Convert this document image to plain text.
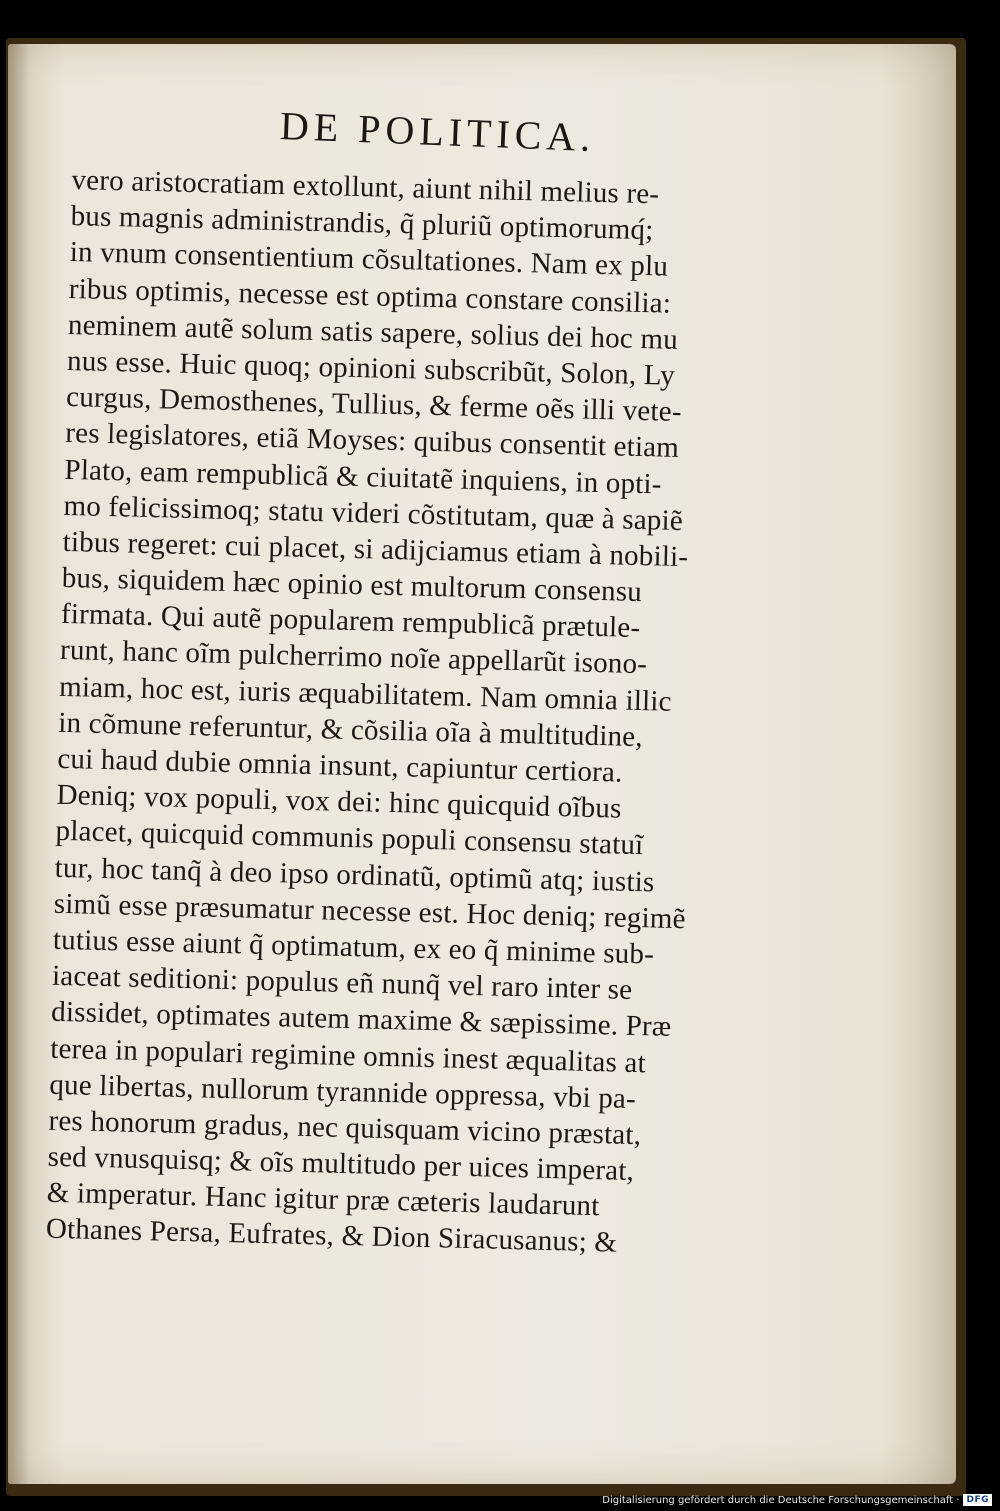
DE POLITICA.
vero aristocratiam extollunt, aiunt nihil melius re-
bus magnis administrandis, q̃ pluriũ optimorumq́;
in vnum consentientium cõsultationes. Nam ex plu
ribus optimis, necesse est optima constare consilia:
neminem autẽ solum satis sapere, solius dei hoc mu
nus esse. Huic quoq; opinioni subscribũt, Solon, Ly
curgus, Demosthenes, Tullius, & ferme oẽs illi vete-
res legislatores, etiã Moyses: quibus consentit etiam
Plato, eam rempublicã & ciuitatẽ inquiens, in opti-
mo felicissimoq; statu videri cõstitutam, quæ à sapiẽ
tibus regeret: cui placet, si adijciamus etiam à nobili-
bus, siquidem hæc opinio est multorum consensu
firmata. Qui autẽ popularem rempublicã prætule-
runt, hanc oĩm pulcherrimo noĩe appellarũt isono-
miam, hoc est, iuris æquabilitatem. Nam omnia illic
in cõmune referuntur, & cõsilia oĩa à multitudine,
cui haud dubie omnia insunt, capiuntur certiora.
Deniq; vox populi, vox dei: hinc quicquid oĩbus
placet, quicquid communis populi consensu statuĩ
tur, hoc tanq̃ à deo ipso ordinatũ, optimũ atq; iustis
simũ esse præsumatur necesse est. Hoc deniq; regimẽ
tutius esse aiunt q̃ optimatum, ex eo q̃ minime sub-
iaceat seditioni: populus eñ nunq̃ vel raro inter se
dissidet, optimates autem maxime & sæpissime. Præ
terea in populari regimine omnis inest æqualitas at
que libertas, nullorum tyrannide oppressa, vbi pa-
res honorum gradus, nec quisquam vicino præstat,
sed vnusquisq; & oĩs multitudo per uices imperat,
& imperatur. Hanc igitur præ cæteris laudarunt
Othanes Persa, Eufrates, & Dion Siracusanus; &
Digitalisierung gefördert durch die Deutsche Forschungsgemeinschaft · DFG
